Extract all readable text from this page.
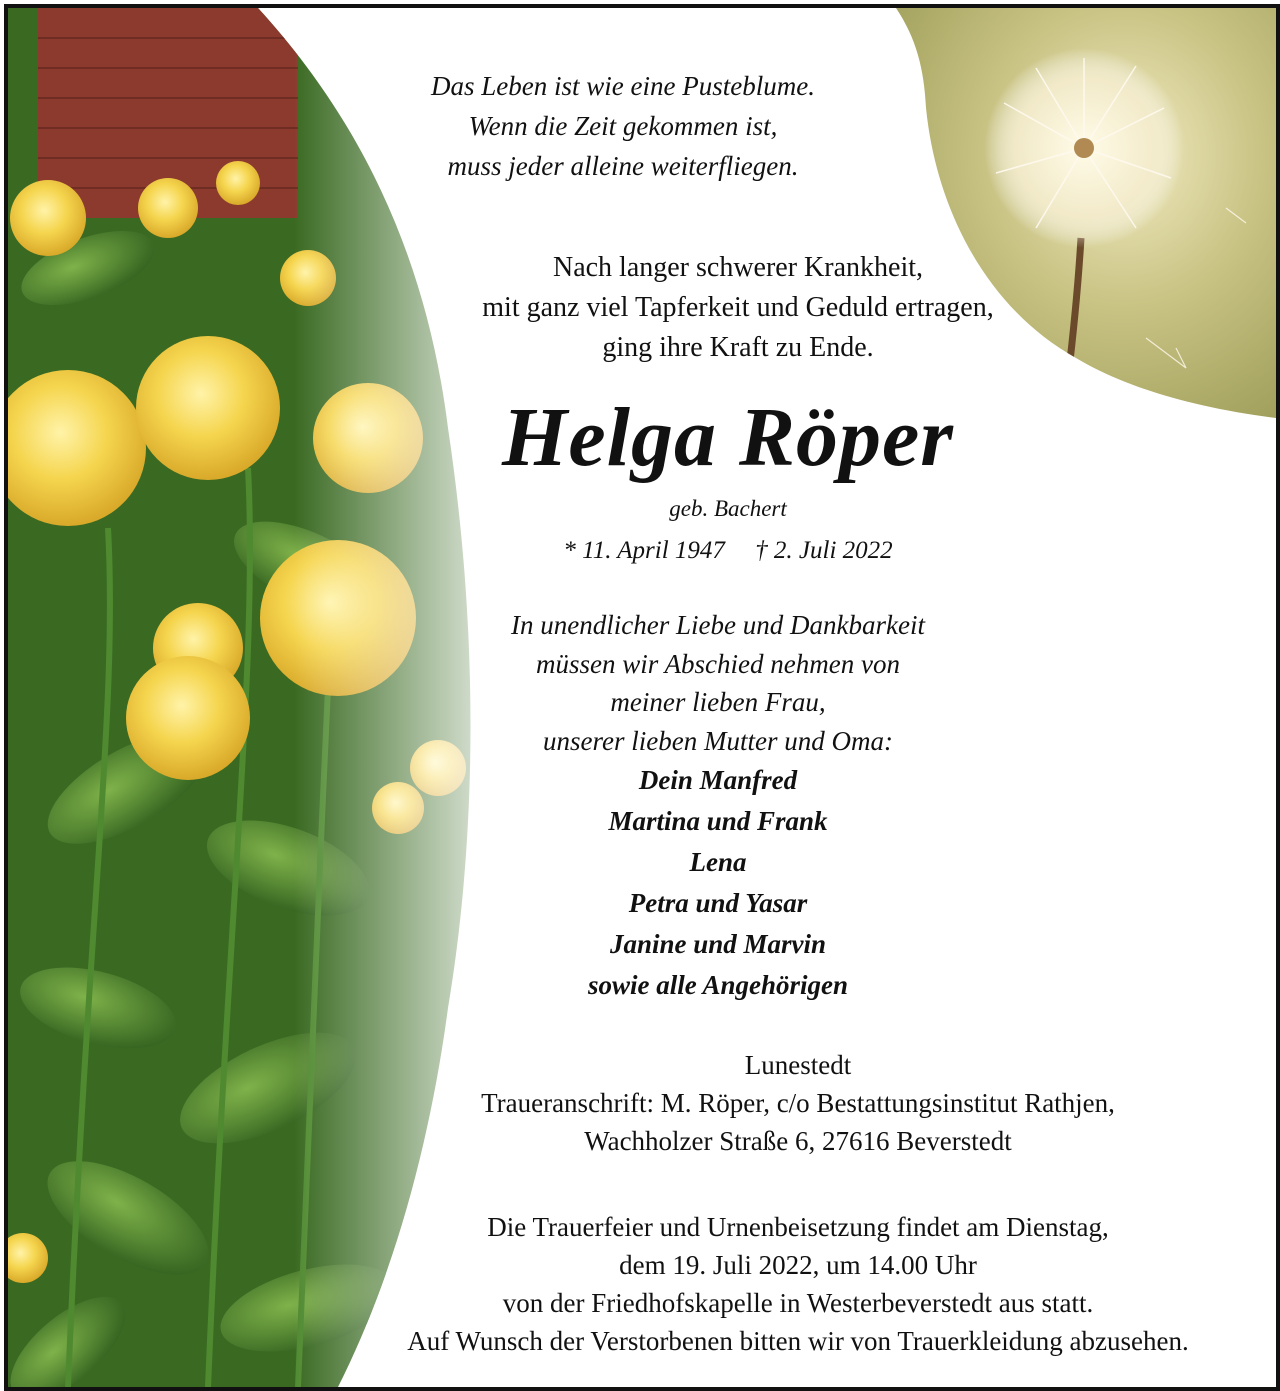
Das Leben ist wie eine Pusteblume.
Wenn die Zeit gekommen ist,
muss jeder alleine weiterfliegen.
Nach langer schwerer Krankheit,
mit ganz viel Tapferkeit und Geduld ertragen,
ging ihre Kraft zu Ende.
Helga Röper
geb. Bachert
* 11. April 1947 † 2. Juli 2022
In unendlicher Liebe und Dankbarkeit
müssen wir Abschied nehmen von
meiner lieben Frau,
unserer lieben Mutter und Oma:
Dein Manfred
Martina und Frank
Lena
Petra und Yasar
Janine und Marvin
sowie alle Angehörigen
Lunestedt
Traueranschrift: M. Röper, c/o Bestattungsinstitut Rathjen,
Wachholzer Straße 6, 27616 Beverstedt
Die Trauerfeier und Urnenbeisetzung findet am Dienstag,
dem 19. Juli 2022, um 14.00 Uhr
von der Friedhofskapelle in Westerbeverstedt aus statt.
Auf Wunsch der Verstorbenen bitten wir von Trauerkleidung abzusehen.
